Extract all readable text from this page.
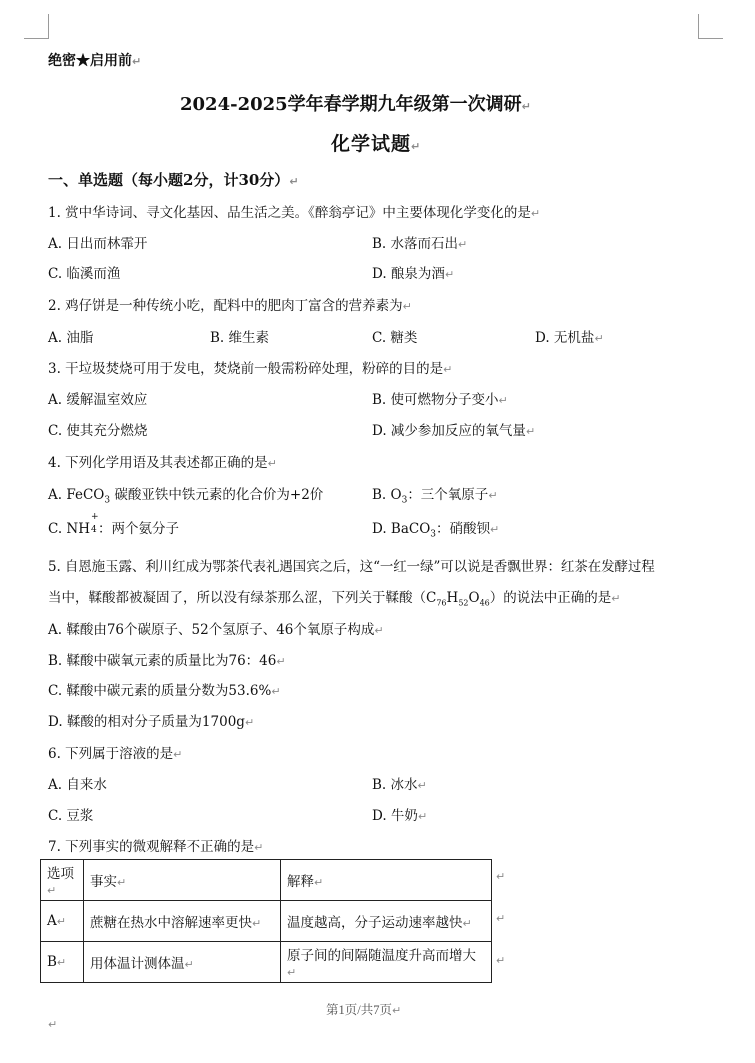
绝密★启用前↵
2024-2025学年春学期九年级第一次调研↵
化学试题↵
一、单选题（每小题2分，计30分）↵
1. 赏中华诗词、寻文化基因、品生活之美。《醉翁亭记》中主要体现化学变化的是↵
A. 日出而林霏开	B. 水落而石出↵
C. 临溪而渔	D. 酿泉为酒↵
2. 鸡仔饼是一种传统小吃，配料中的肥肉丁富含的营养素为↵
A. 油脂	B. 维生素	C. 糖类	D. 无机盐↵
3. 干垃圾焚烧可用于发电，焚烧前一般需粉碎处理，粉碎的目的是↵
A. 缓解温室效应	B. 使可燃物分子变小↵
C. 使其充分燃烧	D. 减少参加反应的氧气量↵
4. 下列化学用语及其表述都正确的是↵
A. FeCO$_3$ 碳酸亚铁中铁元素的化合价为+2价	B. $O_3$：三个氧原子↵
C. NH
+
4 ：两个氨分子	D. BaCO$_3$：硝酸钡↵
5. 自恩施玉露、利川红成为鄂茶代表礼遇国宾之后，这“一红一绿”可以说是香飘世界：红茶在发酵过程
当中，鞣酸都被凝固了，所以没有绿茶那么涩，下列关于鞣酸$(C_{76}H_{52}O_{46})$的说法中正确的是↵
A. 鞣酸由76个碳原子、52个氢原子、46个氧原子构成↵
B. 鞣酸中碳氧元素的质量比为76：46↵
C. 鞣酸中碳元素的质量分数为53.6%↵
D. 鞣酸的相对分子质量为1700g↵
6. 下列属于溶液的是↵
A. 自来水	B. 冰水↵
C. 豆浆	D. 牛奶↵
7. 下列事实的微观解释不正确的是↵
选项↵	事实↵	解释↵
A↵	蔗糖在热水中溶解速率更快↵	温度越高，分子运动速率越快↵
B↵	用体温计测体温↵	原子间的间隔随温度升高而增大↵
↵
↵
↵
第1页/共7页↵
↵
